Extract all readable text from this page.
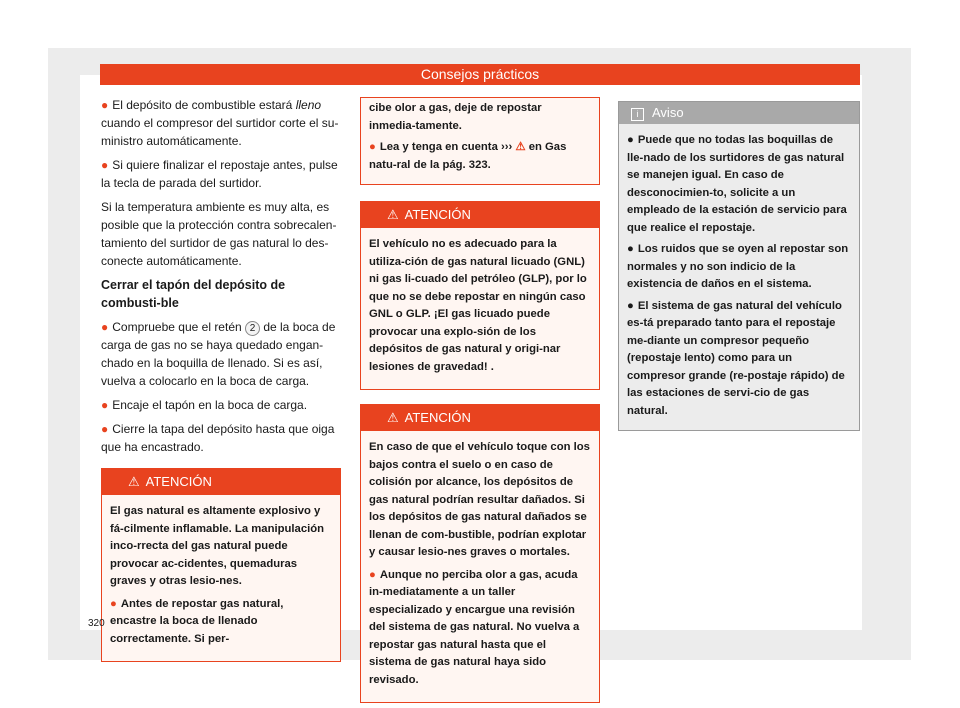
Consejos prácticos

● El depósito de combustible estará lleno cuando el compresor del surtidor corte el su-ministro automáticamente.

● Si quiere finalizar el repostaje antes, pulse la tecla de parada del surtidor.

Si la temperatura ambiente es muy alta, es posible que la protección contra sobrecalen-tamiento del surtidor de gas natural lo des-conecte automáticamente.

Cerrar el tapón del depósito de combusti-ble

● Compruebe que el retén 2 de la boca de carga de gas no se haya quedado engan-chado en la boquilla de llenado. Si es así, vuelva a colocarlo en la boca de carga.

● Encaje el tapón en la boca de carga.

● Cierre la tapa del depósito hasta que oiga que ha encastrado.

⚠ ATENCIÓN

El gas natural es altamente explosivo y fá-cilmente inflamable. La manipulación inco-rrecta del gas natural puede provocar ac-cidentes, quemaduras graves y otras lesio-nes.

● Antes de repostar gas natural, encastre la boca de llenado correctamente. Si per-

cibe olor a gas, deje de repostar inmedia-tamente.

● Lea y tenga en cuenta ››› ⚠ en Gas natu-ral de la pág. 323.

⚠ ATENCIÓN

El vehículo no es adecuado para la utiliza-ción de gas natural licuado (GNL) ni gas li-cuado del petróleo (GLP), por lo que no se debe repostar en ningún caso GNL o GLP. ¡El gas licuado puede provocar una explo-sión de los depósitos de gas natural y origi-nar lesiones de gravedad! .

⚠ ATENCIÓN

En caso de que el vehículo toque con los bajos contra el suelo o en caso de colisión por alcance, los depósitos de gas natural podrían resultar dañados. Si los depósitos de gas natural dañados se llenan de com-bustible, podrían explotar y causar lesio-nes graves o mortales.

● Aunque no perciba olor a gas, acuda in-mediatamente a un taller especializado y encargue una revisión del sistema de gas natural. No vuelva a repostar gas natural hasta que el sistema de gas natural haya sido revisado.

i Aviso

● Puede que no todas las boquillas de lle-nado de los surtidores de gas natural se manejen igual. En caso de desconocimien-to, solicite a un empleado de la estación de servicio para que realice el repostaje.

● Los ruidos que se oyen al repostar son normales y no son indicio de la existencia de daños en el sistema.

● El sistema de gas natural del vehículo es-tá preparado tanto para el repostaje me-diante un compresor pequeño (repostaje lento) como para un compresor grande (re-postaje rápido) de las estaciones de servi-cio de gas natural.

320
